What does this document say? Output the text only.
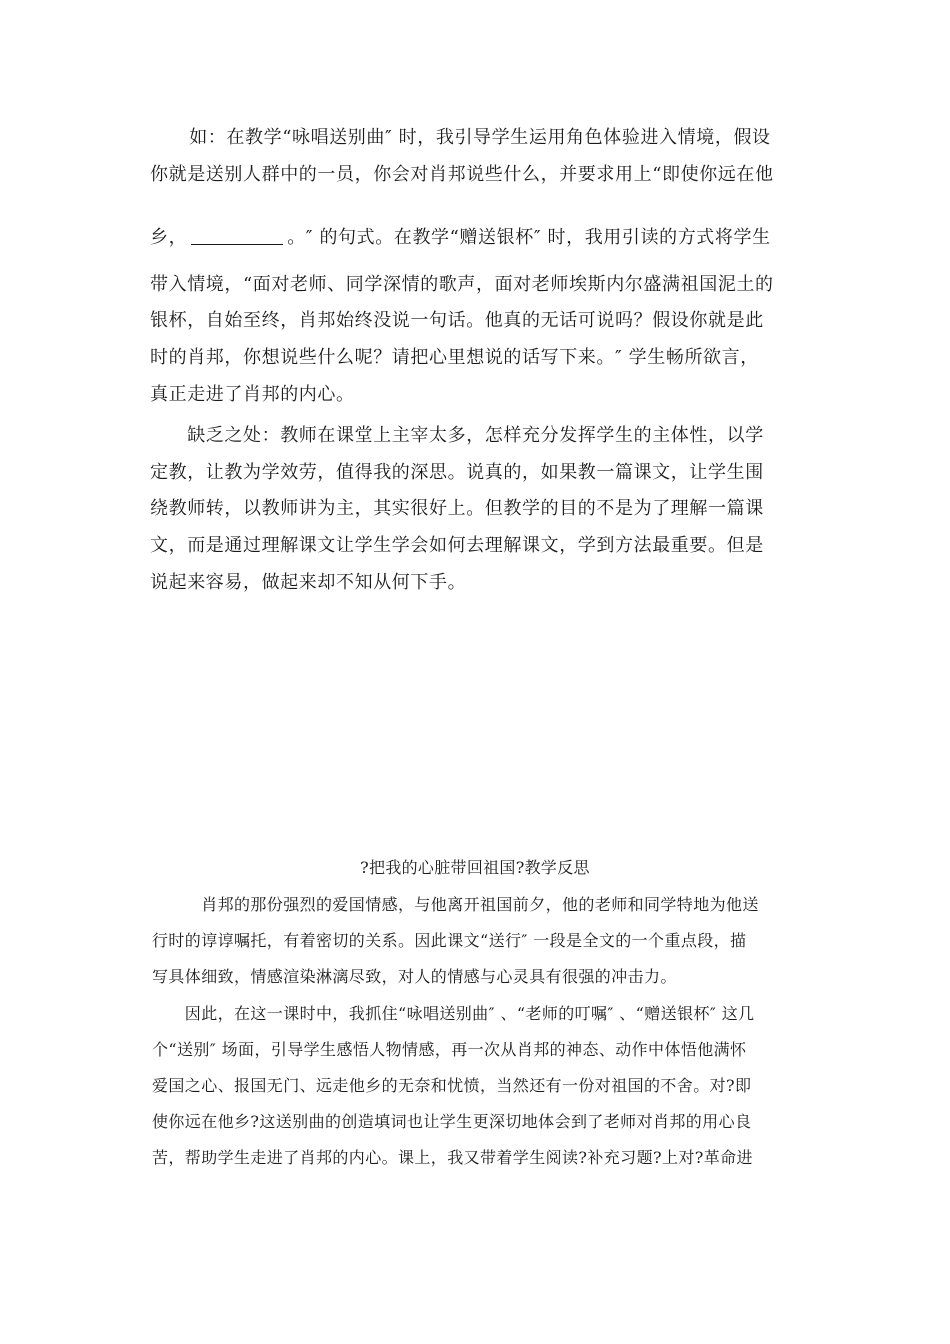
　　如：在教学“咏唱送别曲″ 时，我引导学生运用角色体验进入情境，假设
你就是送别人群中的一员，你会对肖邦说些什么，并要求用上“即使你远在他
乡，	。″ 的句式。在教学“赠送银杯″ 时，我用引读的方式将学生
带入情境，“面对老师、同学深情的歌声，面对老师埃斯内尔盛满祖国泥土的
银杯，自始至终，肖邦始终没说一句话。他真的无话可说吗？假设你就是此
时的肖邦，你想说些什么呢？请把心里想说的话写下来。″ 学生畅所欲言，
真正走进了肖邦的内心。
　　缺乏之处：教师在课堂上主宰太多，怎样充分发挥学生的主体性，以学
定教，让教为学效劳，值得我的深思。说真的，如果教一篇课文，让学生围
绕教师转，以教师讲为主，其实很好上。但教学的目的不是为了理解一篇课
文，而是通过理解课文让学生学会如何去理解课文，学到方法最重要。但是
说起来容易，做起来却不知从何下手。
?把我的心脏带回祖国?教学反思
　　　肖邦的那份强烈的爱国情感，与他离开祖国前夕，他的老师和同学特地为他送
行时的谆谆嘱托，有着密切的关系。因此课文“送行″ 一段是全文的一个重点段，描
写具体细致，情感渲染淋漓尽致，对人的情感与心灵具有很强的冲击力。
　　因此，在这一课时中，我抓住“咏唱送别曲″ 、“老师的叮嘱″ 、“赠送银杯″ 这几
个“送别″ 场面，引导学生感悟人物情感，再一次从肖邦的神态、动作中体悟他满怀
爱国之心、报国无门、远走他乡的无奈和忧愤，当然还有一份对祖国的不舍。对?即
使你远在他乡?这送别曲的创造填词也让学生更深切地体会到了老师对肖邦的用心良
苦，帮助学生走进了肖邦的内心。课上，我又带着学生阅读?补充习题?上对?革命进
